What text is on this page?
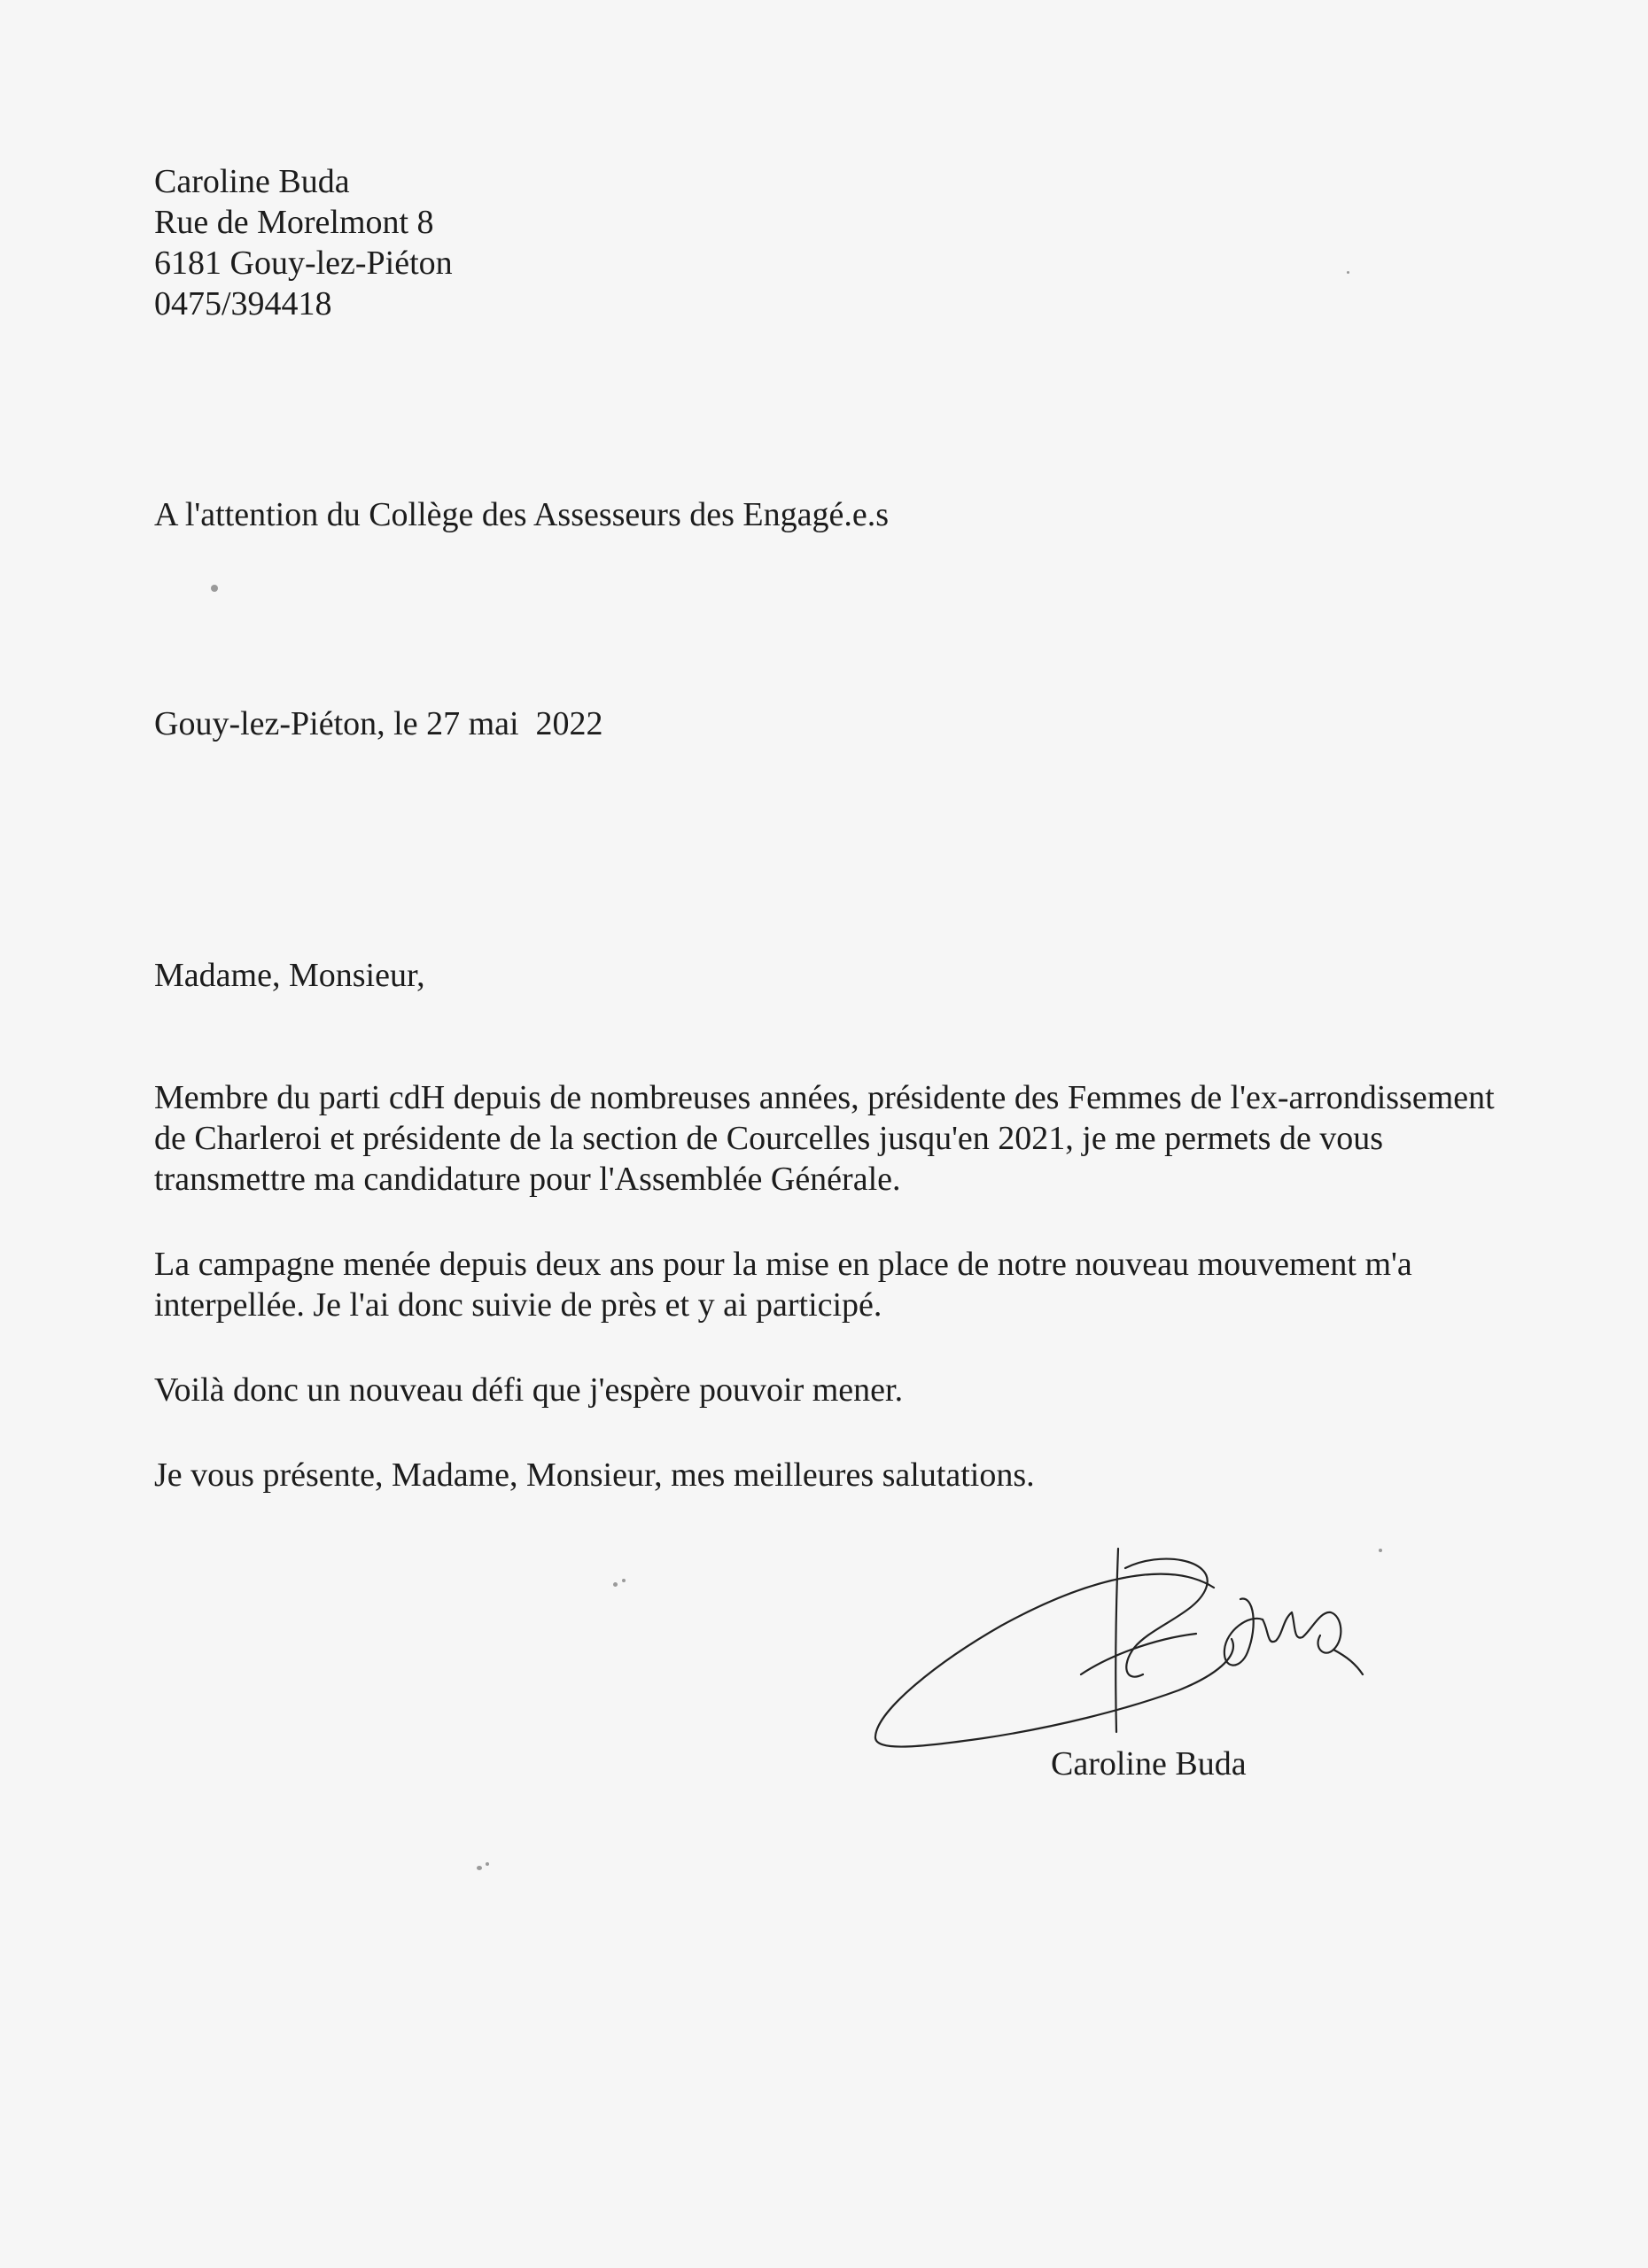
Caroline Buda
Rue de Morelmont 8
6181 Gouy-lez-Piéton
0475/394418
A l'attention du Collège des Assesseurs des Engagé.e.s
Gouy-lez-Piéton, le 27 mai  2022
Madame, Monsieur,
Membre du parti cdH depuis de nombreuses années, présidente des Femmes de l'ex-arrondissement
de Charleroi et présidente de la section de Courcelles jusqu'en 2021, je me permets de vous
transmettre ma candidature pour l'Assemblée Générale.
La campagne menée depuis deux ans pour la mise en place de notre nouveau mouvement m'a
interpellée. Je l'ai donc suivie de près et y ai participé.
Voilà donc un nouveau défi que j'espère pouvoir mener.
Je vous présente, Madame, Monsieur, mes meilleures salutations.
Caroline Buda
